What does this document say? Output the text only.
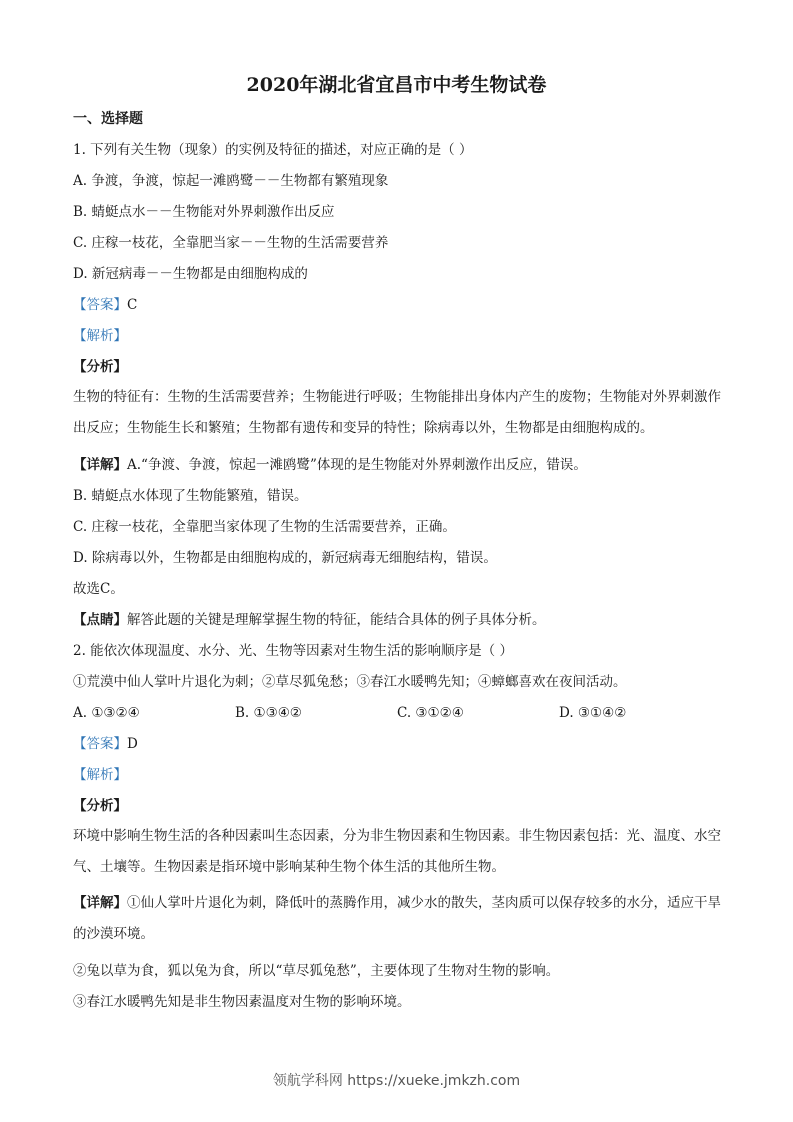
2020年湖北省宜昌市中考生物试卷
一、选择题
1. 下列有关生物（现象）的实例及特征的描述，对应正确的是（ ）
A. 争渡，争渡，惊起一滩鸥鹭－－生物都有繁殖现象
B. 蜻蜓点水－－生物能对外界刺激作出反应
C. 庄稼一枝花，全靠肥当家－－生物的生活需要营养
D. 新冠病毒－－生物都是由细胞构成的
【答案】C
【解析】
【分析】
生物的特征有：生物的生活需要营养；生物能进行呼吸；生物能排出身体内产生的废物；生物能对外界刺激作出反应；生物能生长和繁殖；生物都有遗传和变异的特性；除病毒以外，生物都是由细胞构成的。
【详解】A.“争渡、争渡，惊起一滩鸥鹭”体现的是生物能对外界刺激作出反应，错误。
B. 蜻蜓点水体现了生物能繁殖，错误。
C. 庄稼一枝花，全靠肥当家体现了生物的生活需要营养，正确。
D. 除病毒以外，生物都是由细胞构成的，新冠病毒无细胞结构，错误。
故选C。
【点睛】解答此题的关键是理解掌握生物的特征，能结合具体的例子具体分析。
2. 能依次体现温度、水分、光、生物等因素对生物生活的影响顺序是（ ）
①荒漠中仙人掌叶片退化为刺；②草尽狐兔愁；③春江水暖鸭先知；④蟑螂喜欢在夜间活动。
A. ①③②④	B. ①③④②	C. ③①②④	D. ③①④②
【答案】D
【解析】
【分析】
环境中影响生物生活的各种因素叫生态因素，分为非生物因素和生物因素。非生物因素包括：光、温度、水空气、土壤等。生物因素是指环境中影响某种生物个体生活的其他所生物。
【详解】①仙人掌叶片退化为刺，降低叶的蒸腾作用，减少水的散失，茎肉质可以保存较多的水分，适应干旱的沙漠环境。
②兔以草为食，狐以兔为食，所以“草尽狐兔愁”，主要体现了生物对生物的影响。
③春江水暖鸭先知是非生物因素温度对生物的影响环境。
领航学科网 https://xueke.jmkzh.com
